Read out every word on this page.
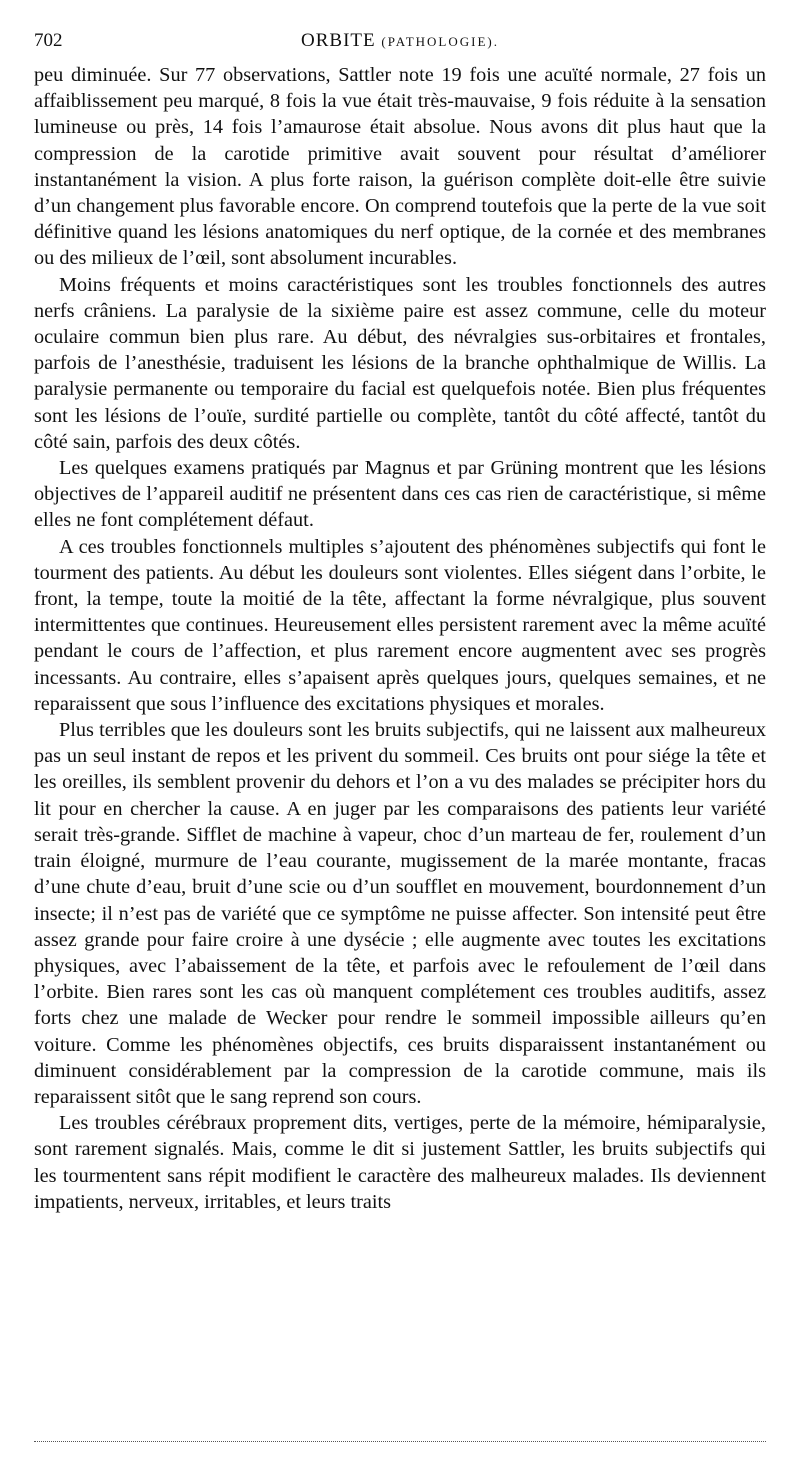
702	ORBITE (PATHOLOGIE).

peu diminuée. Sur 77 observations, Sattler note 19 fois une acuïté normale, 27 fois un affaiblissement peu marqué, 8 fois la vue était très-mauvaise, 9 fois réduite à la sensation lumineuse ou près, 14 fois l’amaurose était absolue. Nous avons dit plus haut que la compression de la carotide primitive avait souvent pour résultat d’améliorer instantanément la vision. A plus forte raison, la guérison complète doit-elle être suivie d’un changement plus favorable encore. On comprend toutefois que la perte de la vue soit définitive quand les lésions anatomiques du nerf optique, de la cornée et des membranes ou des milieux de l’œil, sont absolument incurables.

Moins fréquents et moins caractéristiques sont les troubles fonctionnels des autres nerfs crâniens. La paralysie de la sixième paire est assez commune, celle du moteur oculaire commun bien plus rare. Au début, des névralgies sus-orbitaires et frontales, parfois de l’anesthésie, traduisent les lésions de la branche ophthalmique de Willis. La paralysie permanente ou temporaire du facial est quelquefois notée. Bien plus fréquentes sont les lésions de l’ouïe, surdité partielle ou complète, tantôt du côté affecté, tantôt du côté sain, parfois des deux côtés.

Les quelques examens pratiqués par Magnus et par Grüning montrent que les lésions objectives de l’appareil auditif ne présentent dans ces cas rien de caractéristique, si même elles ne font complétement défaut.

A ces troubles fonctionnels multiples s’ajoutent des phénomènes subjectifs qui font le tourment des patients. Au début les douleurs sont violentes. Elles siégent dans l’orbite, le front, la tempe, toute la moitié de la tête, affectant la forme névralgique, plus souvent intermittentes que continues. Heureusement elles persistent rarement avec la même acuïté pendant le cours de l’affection, et plus rarement encore augmentent avec ses progrès incessants. Au contraire, elles s’apaisent après quelques jours, quelques semaines, et ne reparaissent que sous l’influence des excitations physiques et morales.

Plus terribles que les douleurs sont les bruits subjectifs, qui ne laissent aux malheureux pas un seul instant de repos et les privent du sommeil. Ces bruits ont pour siége la tête et les oreilles, ils semblent provenir du dehors et l’on a vu des malades se précipiter hors du lit pour en chercher la cause. A en juger par les comparaisons des patients leur variété serait très-grande. Sifflet de machine à vapeur, choc d’un marteau de fer, roulement d’un train éloigné, murmure de l’eau courante, mugissement de la marée montante, fracas d’une chute d’eau, bruit d’une scie ou d’un soufflet en mouvement, bourdonnement d’un insecte; il n’est pas de variété que ce symptôme ne puisse affecter. Son intensité peut être assez grande pour faire croire à une dysécie ; elle augmente avec toutes les excitations physiques, avec l’abaissement de la tête, et parfois avec le refoulement de l’œil dans l’orbite. Bien rares sont les cas où manquent complétement ces troubles auditifs, assez forts chez une malade de Wecker pour rendre le sommeil impossible ailleurs qu’en voiture. Comme les phénomènes objectifs, ces bruits disparaissent instantanément ou diminuent considérablement par la compression de la carotide commune, mais ils reparaissent sitôt que le sang reprend son cours.

Les troubles cérébraux proprement dits, vertiges, perte de la mémoire, hémiparalysie, sont rarement signalés. Mais, comme le dit si justement Sattler, les bruits subjectifs qui les tourmentent sans répit modifient le caractère des malheureux malades. Ils deviennent impatients, nerveux, irritables, et leurs traits
